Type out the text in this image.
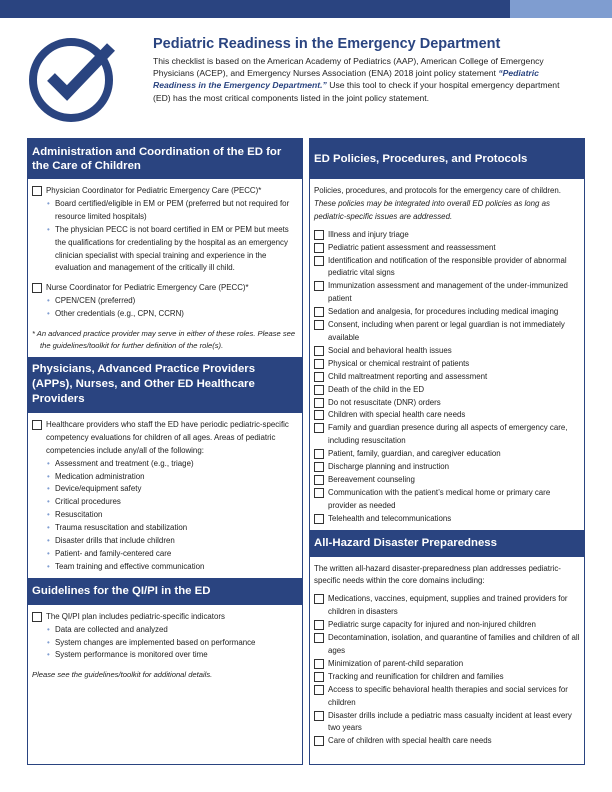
Pediatric Readiness in the Emergency Department
This checklist is based on the American Academy of Pediatrics (AAP), American College of Emergency Physicians (ACEP), and Emergency Nurses Association (ENA) 2018 joint policy statement “Pediatric Readiness in the Emergency Department.” Use this tool to check if your hospital emergency department (ED) has the most critical components listed in the joint policy statement.
Administration and Coordination of the ED for the Care of Children
Physician Coordinator for Pediatric Emergency Care (PECC)*
• Board certified/eligible in EM or PEM (preferred but not required for resource limited hospitals)
• The physician PECC is not board certified in EM or PEM but meets the qualifications for credentialing by the hospital as an emergency clinician specialist with special training and experience in the evaluation and management of the critically ill child.
Nurse Coordinator for Pediatric Emergency Care (PECC)*
• CPEN/CEN (preferred)
• Other credentials (e.g., CPN, CCRN)
* An advanced practice provider may serve in either of these roles. Please see the guidelines/toolkit for further definition of the role(s).
Physicians, Advanced Practice Providers (APPs), Nurses, and Other ED Healthcare Providers
Healthcare providers who staff the ED have periodic pediatric-specific competency evaluations for children of all ages. Areas of pediatric competencies include any/all of the following:
• Assessment and treatment (e.g., triage)
• Medication administration
• Device/equipment safety
• Critical procedures
• Resuscitation
• Trauma resuscitation and stabilization
• Disaster drills that include children
• Patient- and family-centered care
• Team training and effective communication
Guidelines for the QI/PI in the ED
The QI/PI plan includes pediatric-specific indicators
• Data are collected and analyzed
• System changes are implemented based on performance
• System performance is monitored over time
Please see the guidelines/toolkit for additional details.
ED Policies, Procedures, and Protocols
Policies, procedures, and protocols for the emergency care of children. These policies may be integrated into overall ED policies as long as pediatric-specific issues are addressed.
Illness and injury triage
Pediatric patient assessment and reassessment
Identification and notification of the responsible provider of abnormal pediatric vital signs
Immunization assessment and management of the under-immunized patient
Sedation and analgesia, for procedures including medical imaging
Consent, including when parent or legal guardian is not immediately available
Social and behavioral health issues
Physical or chemical restraint of patients
Child maltreatment reporting and assessment
Death of the child in the ED
Do not resuscitate (DNR) orders
Children with special health care needs
Family and guardian presence during all aspects of emergency care, including resuscitation
Patient, family, guardian, and caregiver education
Discharge planning and instruction
Bereavement counseling
Communication with the patient’s medical home or primary care provider as needed
Telehealth and telecommunications
All-Hazard Disaster Preparedness
The written all-hazard disaster-preparedness plan addresses pediatric-specific needs within the core domains including:
Medications, vaccines, equipment, supplies and trained providers for children in disasters
Pediatric surge capacity for injured and non-injured children
Decontamination, isolation, and quarantine of families and children of all ages
Minimization of parent-child separation
Tracking and reunification for children and families
Access to specific behavioral health therapies and social services for children
Disaster drills include a pediatric mass casualty incident at least every two years
Care of children with special health care needs
